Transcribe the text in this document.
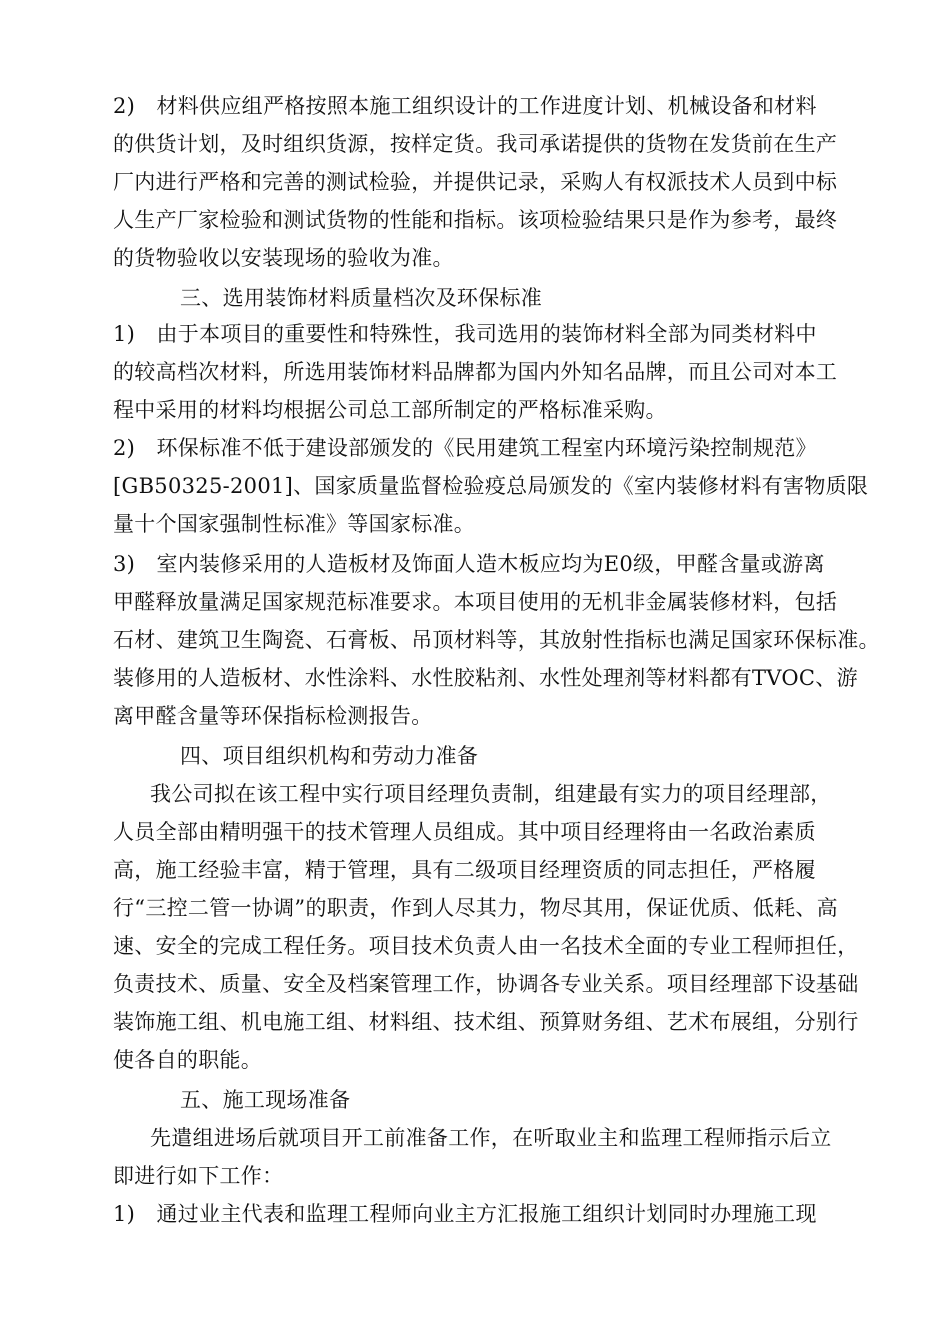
2)　材料供应组严格按照本施工组织设计的工作进度计划、机械设备和材料
的供货计划，及时组织货源，按样定货。我司承诺提供的货物在发货前在生产
厂内进行严格和完善的测试检验，并提供记录，采购人有权派技术人员到中标
人生产厂家检验和测试货物的性能和指标。该项检验结果只是作为参考，最终
的货物验收以安装现场的验收为准。
三、选用装饰材料质量档次及环保标准
1)　由于本项目的重要性和特殊性，我司选用的装饰材料全部为同类材料中
的较高档次材料，所选用装饰材料品牌都为国内外知名品牌，而且公司对本工
程中采用的材料均根据公司总工部所制定的严格标准采购。
2)　环保标准不低于建设部颁发的《民用建筑工程室内环境污染控制规范》
[GB50325-2001]、国家质量监督检验疫总局颁发的《室内装修材料有害物质限
量十个国家强制性标准》等国家标准。
3)　室内装修采用的人造板材及饰面人造木板应均为E0级，甲醛含量或游离
甲醛释放量满足国家规范标准要求。本项目使用的无机非金属装修材料，包括
石材、建筑卫生陶瓷、石膏板、吊顶材料等，其放射性指标也满足国家环保标准。
装修用的人造板材、水性涂料、水性胶粘剂、水性处理剂等材料都有TVOC、游
离甲醛含量等环保指标检测报告。
四、项目组织机构和劳动力准备
我公司拟在该工程中实行项目经理负责制，组建最有实力的项目经理部，
人员全部由精明强干的技术管理人员组成。其中项目经理将由一名政治素质
高，施工经验丰富，精于管理，具有二级项目经理资质的同志担任，严格履
行“三控二管一协调”的职责，作到人尽其力，物尽其用，保证优质、低耗、高
速、安全的完成工程任务。项目技术负责人由一名技术全面的专业工程师担任，
负责技术、质量、安全及档案管理工作，协调各专业关系。项目经理部下设基础
装饰施工组、机电施工组、材料组、技术组、预算财务组、艺术布展组，分别行
使各自的职能。
五、施工现场准备
先遣组进场后就项目开工前准备工作，在听取业主和监理工程师指示后立
即进行如下工作：
1)　通过业主代表和监理工程师向业主方汇报施工组织计划同时办理施工现
